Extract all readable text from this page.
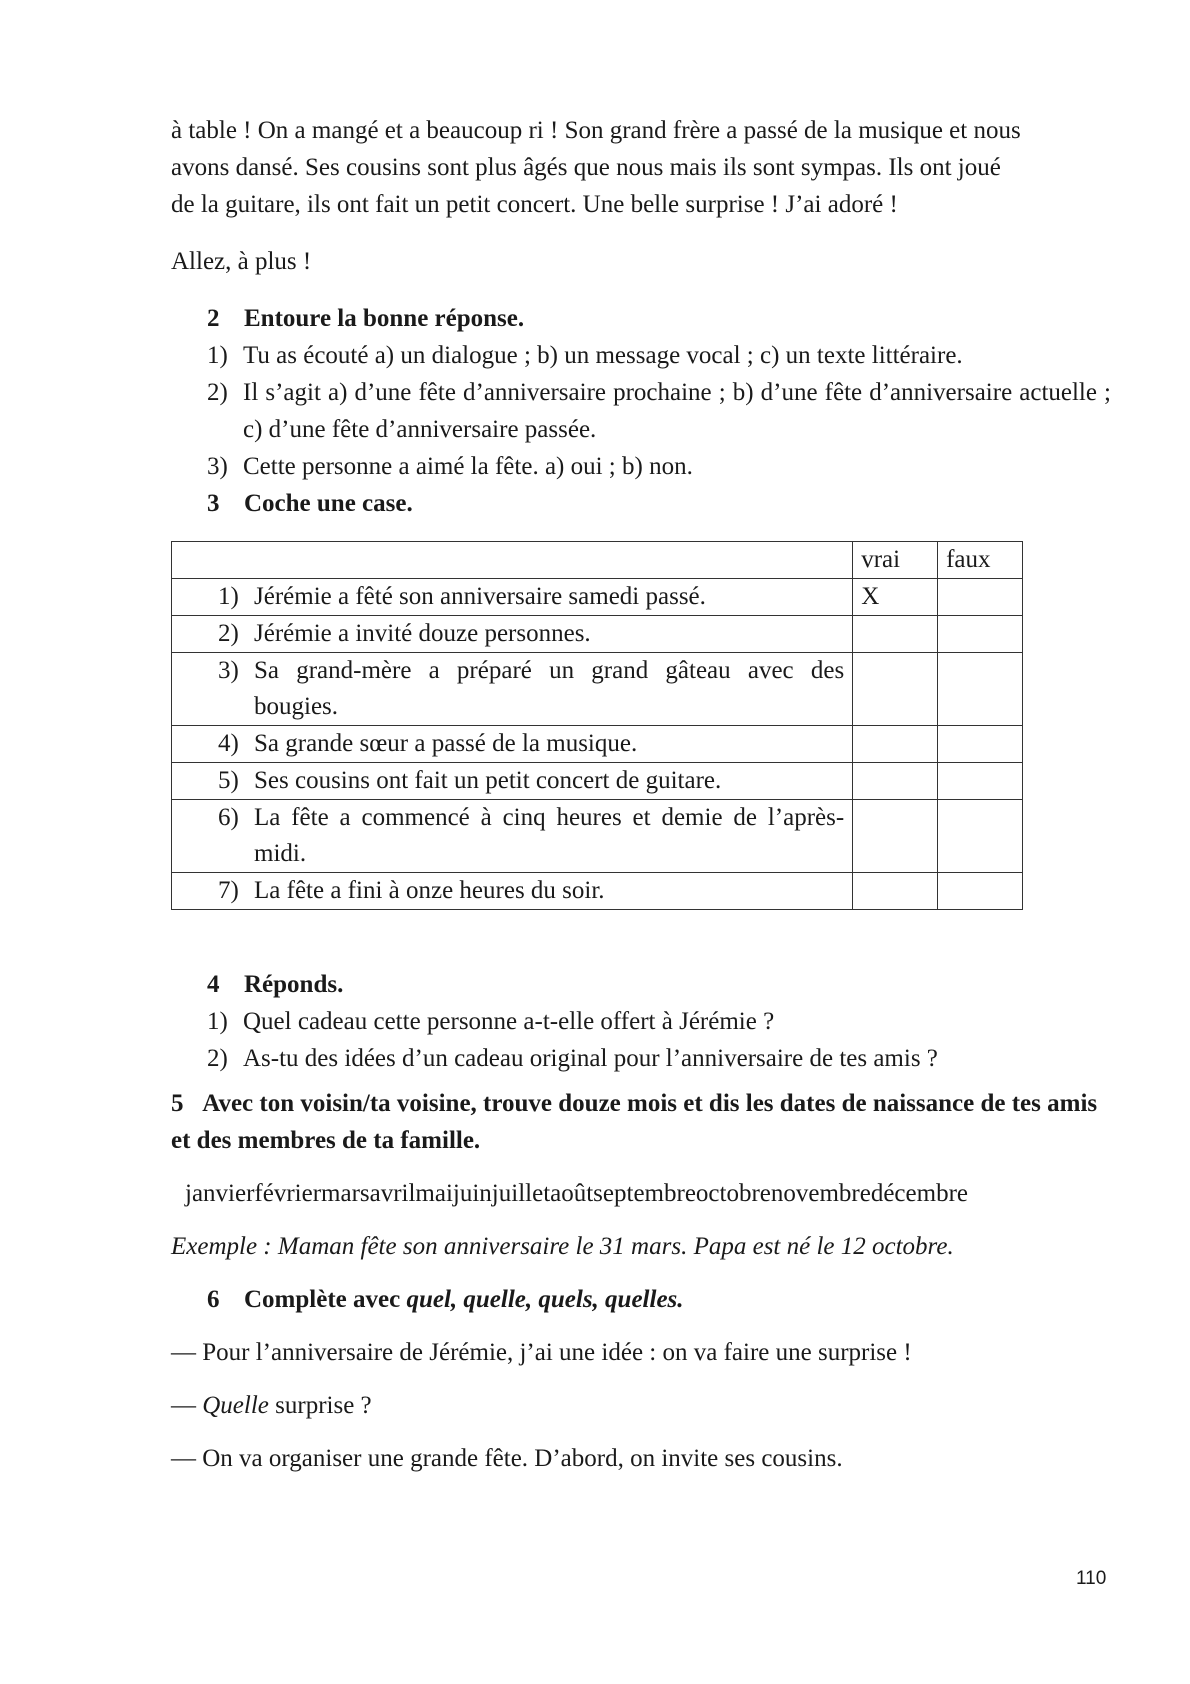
à table ! On a mangé et a beaucoup ri ! Son grand frère a passé de la musique et nous

avons dansé. Ses cousins sont plus âgés que nous mais ils sont sympas. Ils ont joué

de la guitare, ils ont fait un petit concert. Une belle surprise ! J’ai adoré !

Allez, à plus !

2 Entoure la bonne réponse.
1) Tu as écouté a) un dialogue ; b) un message vocal ; c) un texte littéraire.
2) Il s’agit a) d’une fête d’anniversaire prochaine ; b) d’une fête d’anniversaire actuelle ; c) d’une fête d’anniversaire passée.
3) Cette personne a aimé la fête. a) oui ; b) non.
3 Coche une case.
	vrai	faux

1) Jérémie a fêté son anniversaire samedi passé.	X	

2) Jérémie a invité douze personnes.		

3) Sa grand-mère a préparé un grand gâteau avec des bougies.		

4) Sa grande sœur a passé de la musique.		

5) Ses cousins ont fait un petit concert de guitare.		

6) La fête a commencé à cinq heures et demie de l’après-midi.		

7) La fête a fini à onze heures du soir.		

4 Réponds.
1) Quel cadeau cette personne a-t-elle offert à Jérémie ?
2) As-tu des idées d’un cadeau original pour l’anniversaire de tes amis ?

5 Avec ton voisin/ta voisine, trouve douze mois et dis les dates de naissance de tes amis et des membres de ta famille.

janvierfévriermarsavrilmaijuinjuilletaoûtseptembreoctobrenovembredécembre

Exemple : Maman fête son anniversaire le 31 mars. Papa est né le 12 octobre.

6 Complète avec quel, quelle, quels, quelles.

— Pour l’anniversaire de Jérémie, j’ai une idée : on va faire une surprise !

— Quelle surprise ?

— On va organiser une grande fête. D’abord, on invite ses cousins.

110
